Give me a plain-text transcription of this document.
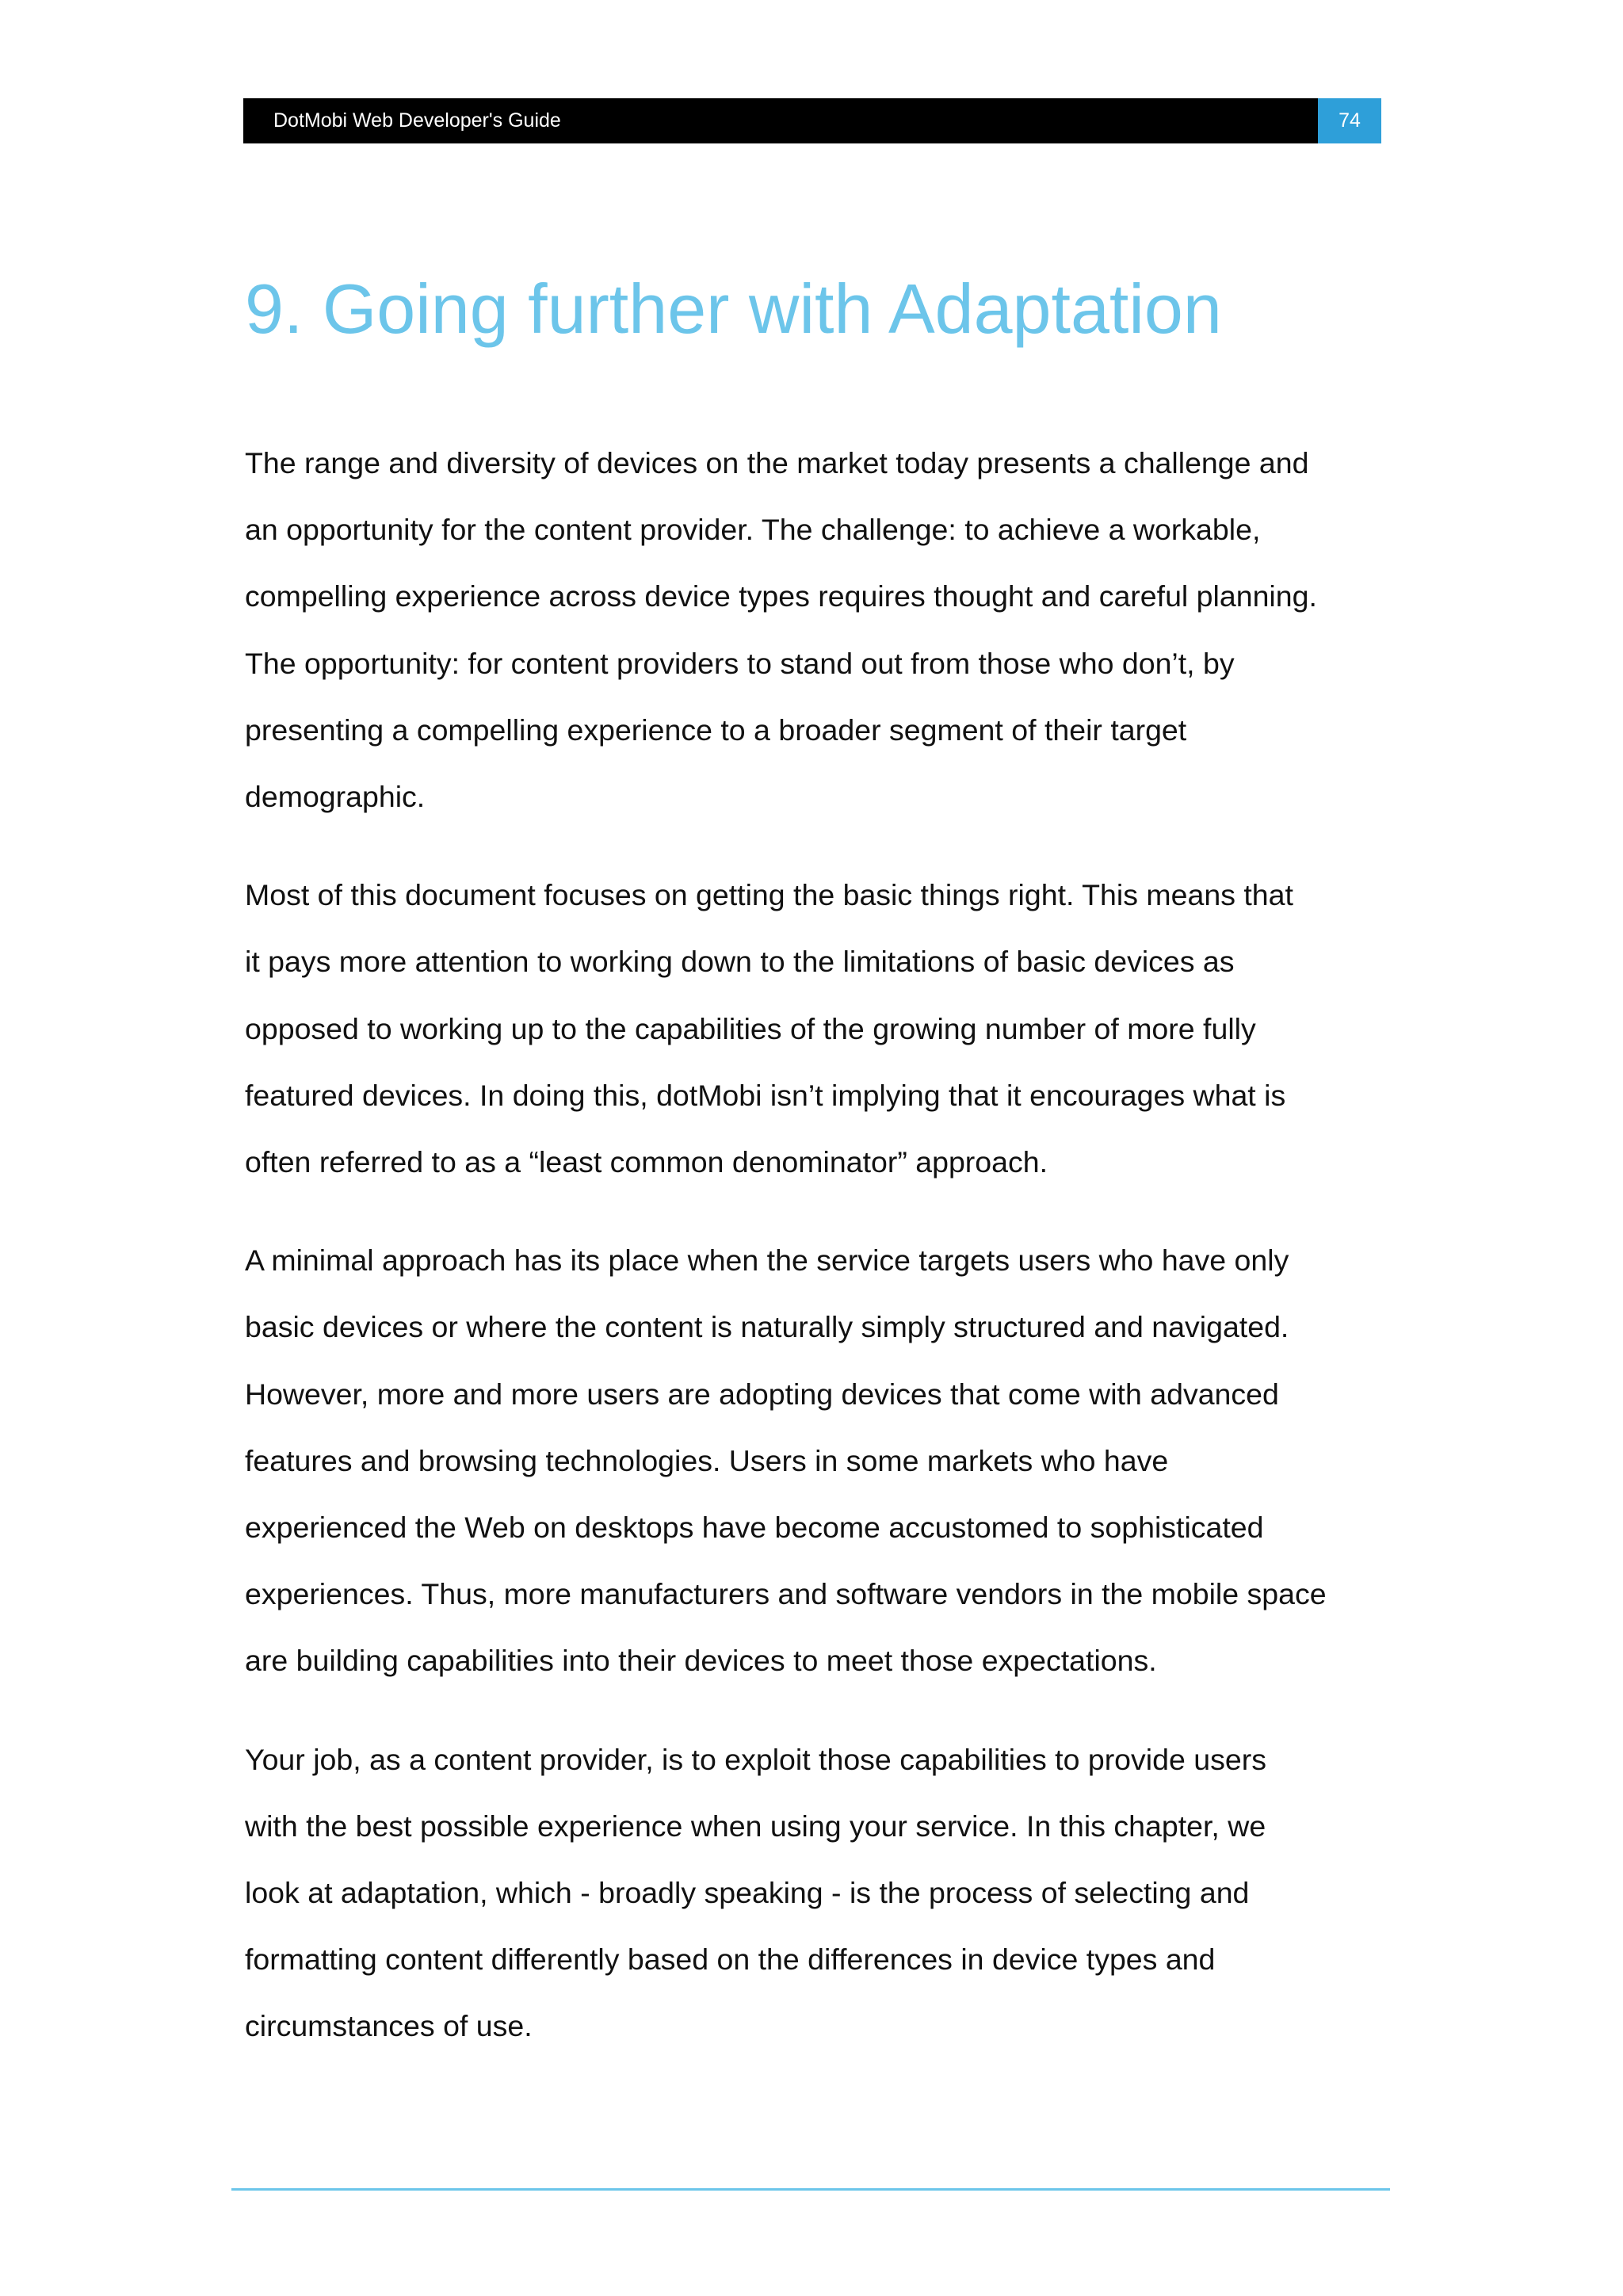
DotMobi Web Developer's Guide	74
9. Going further with Adaptation

The range and diversity of devices on the market today presents a challenge and
an opportunity for the content provider. The challenge: to achieve a workable,
compelling experience across device types requires thought and careful planning.
The opportunity: for content providers to stand out from those who don’t, by
presenting a compelling experience to a broader segment of their target
demographic.

Most of this document focuses on getting the basic things right. This means that
it pays more attention to working down to the limitations of basic devices as
opposed to working up to the capabilities of the growing number of more fully
featured devices. In doing this, dotMobi isn’t implying that it encourages what is
often referred to as a “least common denominator” approach.

A minimal approach has its place when the service targets users who have only
basic devices or where the content is naturally simply structured and navigated.
However, more and more users are adopting devices that come with advanced
features and browsing technologies. Users in some markets who have
experienced the Web on desktops have become accustomed to sophisticated
experiences. Thus, more manufacturers and software vendors in the mobile space
are building capabilities into their devices to meet those expectations.

Your job, as a content provider, is to exploit those capabilities to provide users
with the best possible experience when using your service. In this chapter, we
look at adaptation, which - broadly speaking - is the process of selecting and
formatting content differently based on the differences in device types and
circumstances of use.
